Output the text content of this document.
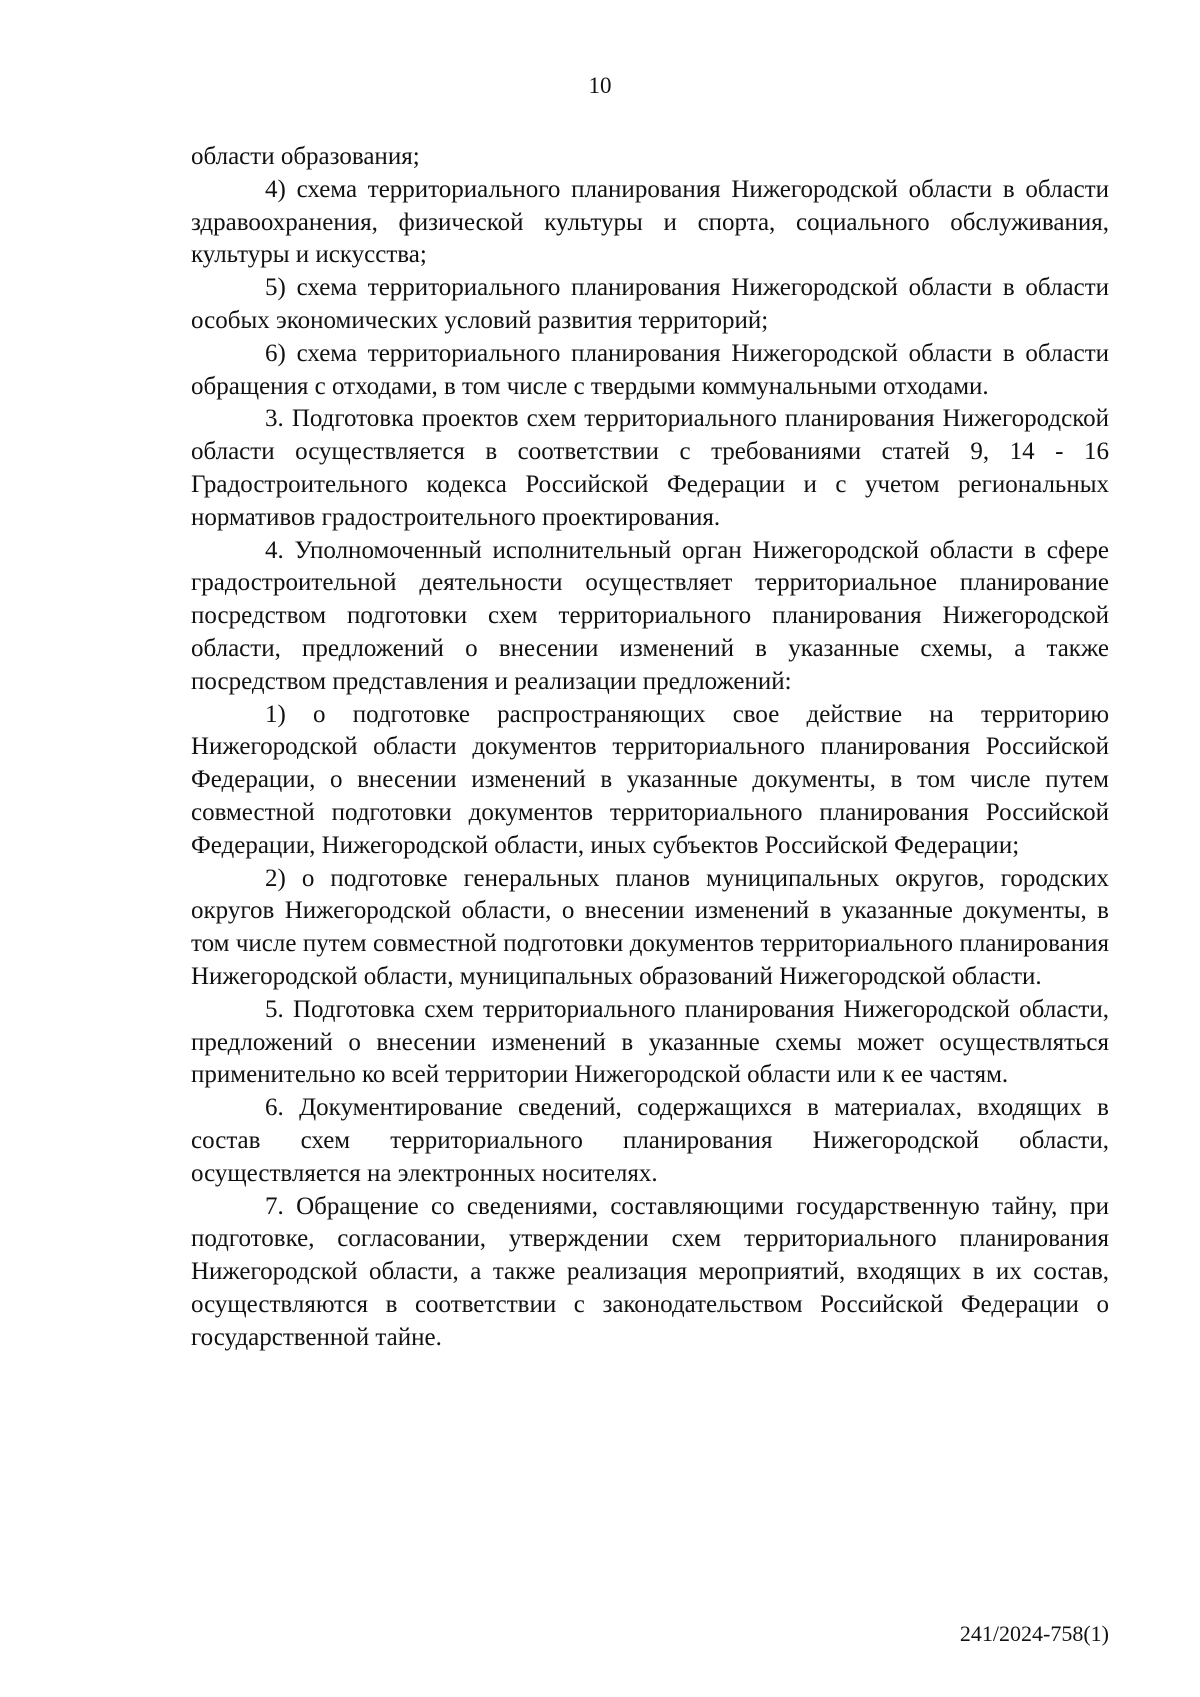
10

области образования;

4) схема территориального планирования Нижегородской области в области здравоохранения, физической культуры и спорта, социального обслуживания, культуры и искусства;

5) схема территориального планирования Нижегородской области в области особых экономических условий развития территорий;

6) схема территориального планирования Нижегородской области в области обращения с отходами, в том числе с твердыми коммунальными отходами.

3. Подготовка проектов схем территориального планирования Нижегородской области осуществляется в соответствии с требованиями статей 9, 14 - 16 Градостроительного кодекса Российской Федерации и с учетом региональных нормативов градостроительного проектирования.

4. Уполномоченный исполнительный орган Нижегородской области в сфере градостроительной деятельности осуществляет территориальное планирование посредством подготовки схем территориального планирования Нижегородской области, предложений о внесении изменений в указанные схемы, а также посредством представления и реализации предложений:

1) о подготовке распространяющих свое действие на территорию Нижегородской области документов территориального планирования Российской Федерации, о внесении изменений в указанные документы, в том числе путем совместной подготовки документов территориального планирования Российской Федерации, Нижегородской области, иных субъектов Российской Федерации;

2) о подготовке генеральных планов муниципальных округов, городских округов Нижегородской области, о внесении изменений в указанные документы, в том числе путем совместной подготовки документов территориального планирования Нижегородской области, муниципальных образований Нижегородской области.

5. Подготовка схем территориального планирования Нижегородской области, предложений о внесении изменений в указанные схемы может осуществляться применительно ко всей территории Нижегородской области или к ее частям.

6. Документирование сведений, содержащихся в материалах, входящих в состав схем территориального планирования Нижегородской области, осуществляется на электронных носителях.

7. Обращение со сведениями, составляющими государственную тайну, при подготовке, согласовании, утверждении схем территориального планирования Нижегородской области, а также реализация мероприятий, входящих в их состав, осуществляются в соответствии с законодательством Российской Федерации о государственной тайне.

241/2024-758(1)
